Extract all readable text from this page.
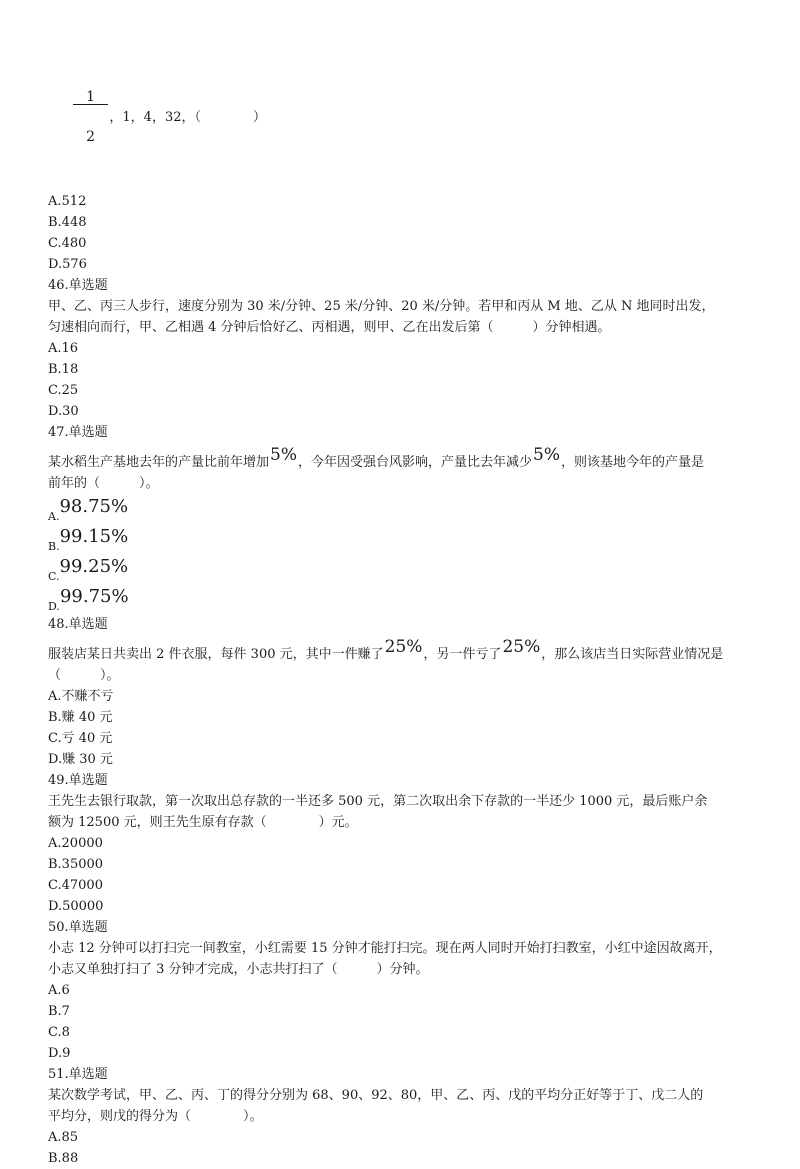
$\frac{1}{2}$ ，1，4，32，（　　　　）

A.512
B.448
C.480
D.576
46.单选题
甲、乙、丙三人步行，速度分别为 30 米/分钟、25 米/分钟、20 米/分钟。若甲和丙从 M 地、乙从 N 地同时出发，
匀速相向而行，甲、乙相遇 4 分钟后恰好乙、丙相遇，则甲、乙在出发后第（　　　）分钟相遇。
A.16
B.18
C.25
D.30
47.单选题
某水稻生产基地去年的产量比前年增加5%，今年因受强台风影响，产量比去年减少5%，则该基地今年的产量是
前年的（　　　）。
A. 98.75%
B. 99.15%
C. 99.25%
D. 99.75%
48.单选题
服装店某日共卖出 2 件衣服，每件 300 元，其中一件赚了25%，另一件亏了25%，那么该店当日实际营业情况是
（　　　）。
A.不赚不亏
B.赚 40 元
C.亏 40 元
D.赚 30 元
49.单选题
王先生去银行取款，第一次取出总存款的一半还多 500 元，第二次取出余下存款的一半还少 1000 元，最后账户余
额为 12500 元，则王先生原有存款（　　　　）元。
A.20000
B.35000
C.47000
D.50000
50.单选题
小志 12 分钟可以打扫完一间教室，小红需要 15 分钟才能打扫完。现在两人同时开始打扫教室，小红中途因故离开，
小志又单独打扫了 3 分钟才完成，小志共打扫了（　　　）分钟。
A.6
B.7
C.8
D.9
51.单选题
某次数学考试，甲、乙、丙、丁的得分分别为 68、90、92、80，甲、乙、丙、戊的平均分正好等于丁、戊二人的
平均分，则戊的得分为（　　　　）。
A.85
B.88
